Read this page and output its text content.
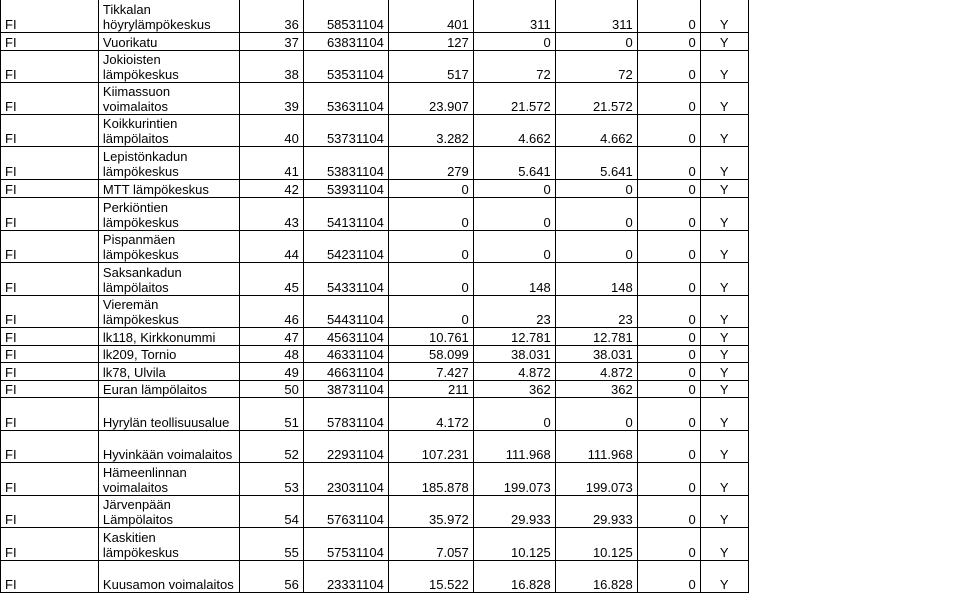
FI	Tikkalan höyrylämpökeskus	36	58531104	401	311	311	0	Y	
FI	Vuorikatu	37	63831104	127	0	0	0	Y	
FI	Jokioisten lämpökeskus	38	53531104	517	72	72	0	Y	
FI	Kiimassuon voimalaitos	39	53631104	23.907	21.572	21.572	0	Y	
FI	Koikkurintien lämpölaitos	40	53731104	3.282	4.662	4.662	0	Y	
FI	Lepistönkadun lämpökeskus	41	53831104	279	5.641	5.641	0	Y	
FI	MTT lämpökeskus	42	53931104	0	0	0	0	Y	
FI	Perkiöntien lämpökeskus	43	54131104	0	0	0	0	Y	
FI	Pispanmäen lämpökeskus	44	54231104	0	0	0	0	Y	
FI	Saksankadun lämpölaitos	45	54331104	0	148	148	0	Y	
FI	Vieremän lämpökeskus	46	54431104	0	23	23	0	Y	
FI	lk118, Kirkkonummi	47	45631104	10.761	12.781	12.781	0	Y	
FI	lk209, Tornio	48	46331104	58.099	38.031	38.031	0	Y	
FI	lk78, Ulvila	49	46631104	7.427	4.872	4.872	0	Y	
FI	Euran lämpölaitos	50	38731104	211	362	362	0	Y	
FI	Hyrylän teollisuusalue	51	57831104	4.172	0	0	0	Y	
FI	Hyvinkään voimalaitos	52	22931104	107.231	111.968	111.968	0	Y	
FI	Hämeenlinnan voimalaitos	53	23031104	185.878	199.073	199.073	0	Y	
FI	Järvenpään Lämpölaitos	54	57631104	35.972	29.933	29.933	0	Y	
FI	Kaskitien lämpökeskus	55	57531104	7.057	10.125	10.125	0	Y	
FI	Kuusamon voimalaitos	56	23331104	15.522	16.828	16.828	0	Y	
